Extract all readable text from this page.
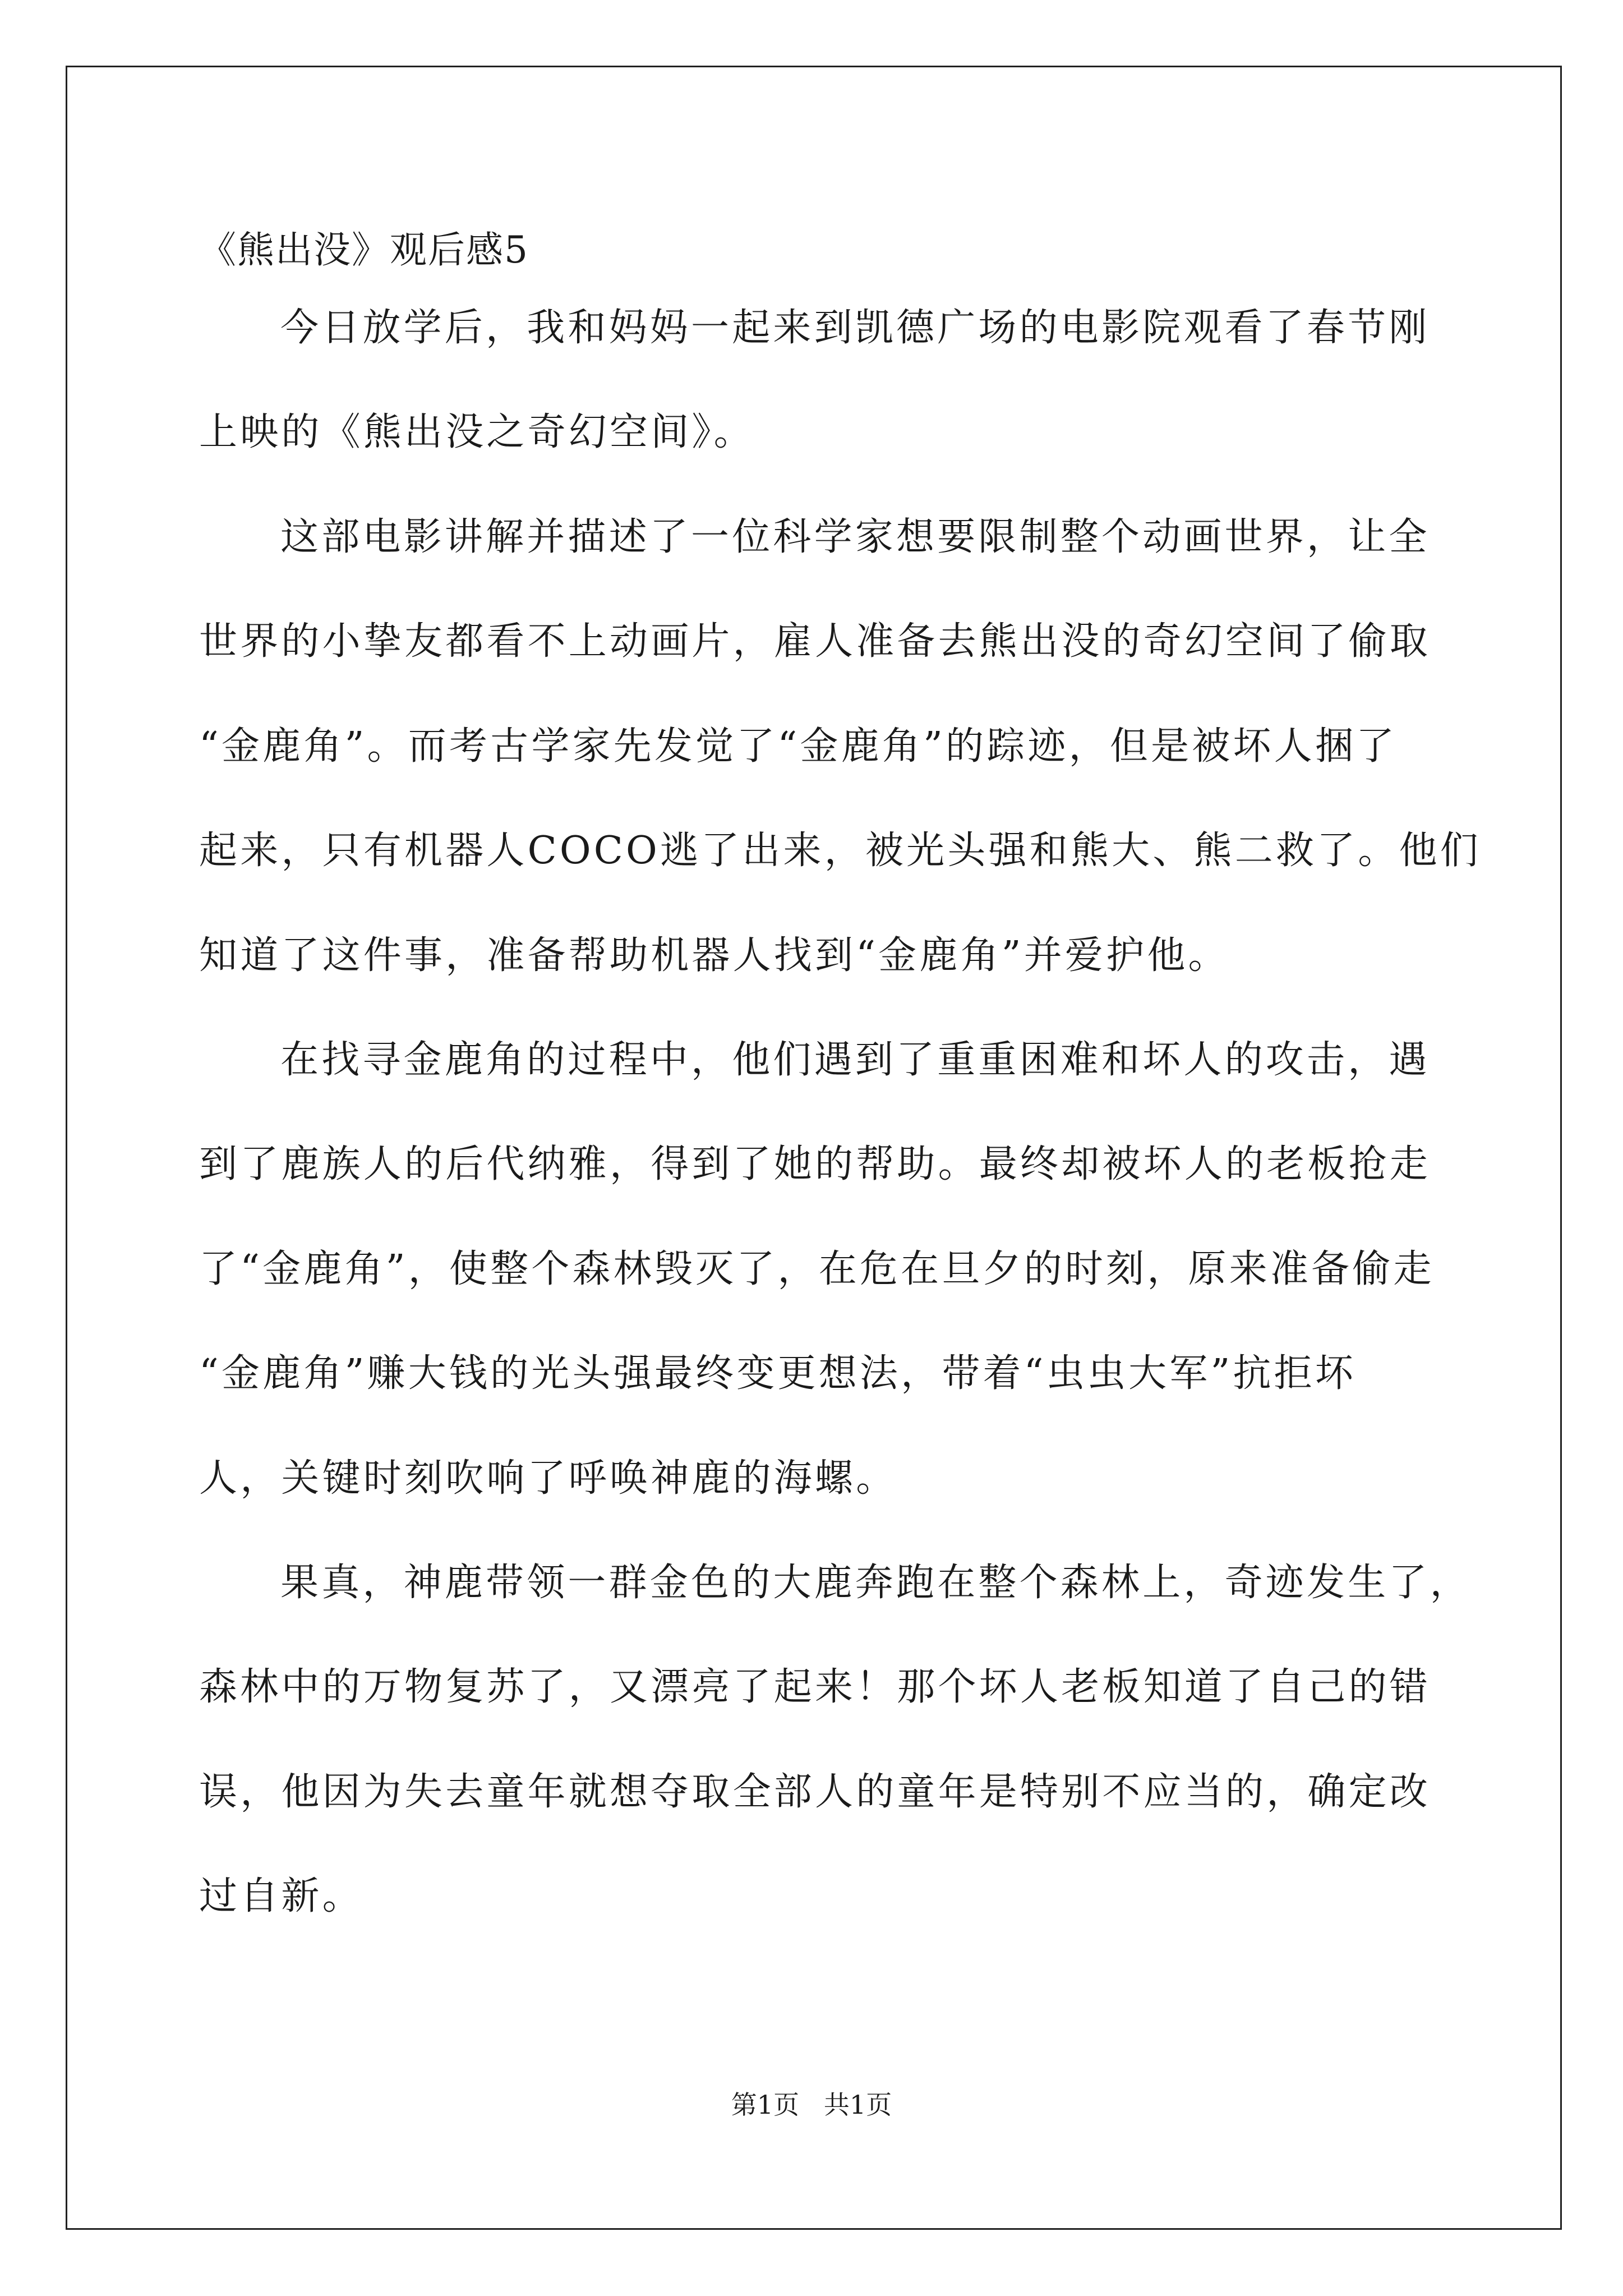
《熊出没》观后感5
今日放学后，我和妈妈一起来到凯德广场的电影院观看了春节刚
上映的《熊出没之奇幻空间》。
这部电影讲解并描述了一位科学家想要限制整个动画世界，让全
世界的小挚友都看不上动画片，雇人准备去熊出没的奇幻空间了偷取
“金鹿角”。而考古学家先发觉了“金鹿角”的踪迹，但是被坏人捆了
起来，只有机器人COCO逃了出来，被光头强和熊大、熊二救了。他们
知道了这件事，准备帮助机器人找到“金鹿角”并爱护他。
在找寻金鹿角的过程中，他们遇到了重重困难和坏人的攻击，遇
到了鹿族人的后代纳雅，得到了她的帮助。最终却被坏人的老板抢走
了“金鹿角”，使整个森林毁灭了，在危在旦夕的时刻，原来准备偷走
“金鹿角”赚大钱的光头强最终变更想法，带着“虫虫大军”抗拒坏
人，关键时刻吹响了呼唤神鹿的海螺。
果真，神鹿带领一群金色的大鹿奔跑在整个森林上，奇迹发生了，
森林中的万物复苏了，又漂亮了起来！那个坏人老板知道了自己的错
误，他因为失去童年就想夺取全部人的童年是特别不应当的，确定改
过自新。
第1页   共1页
